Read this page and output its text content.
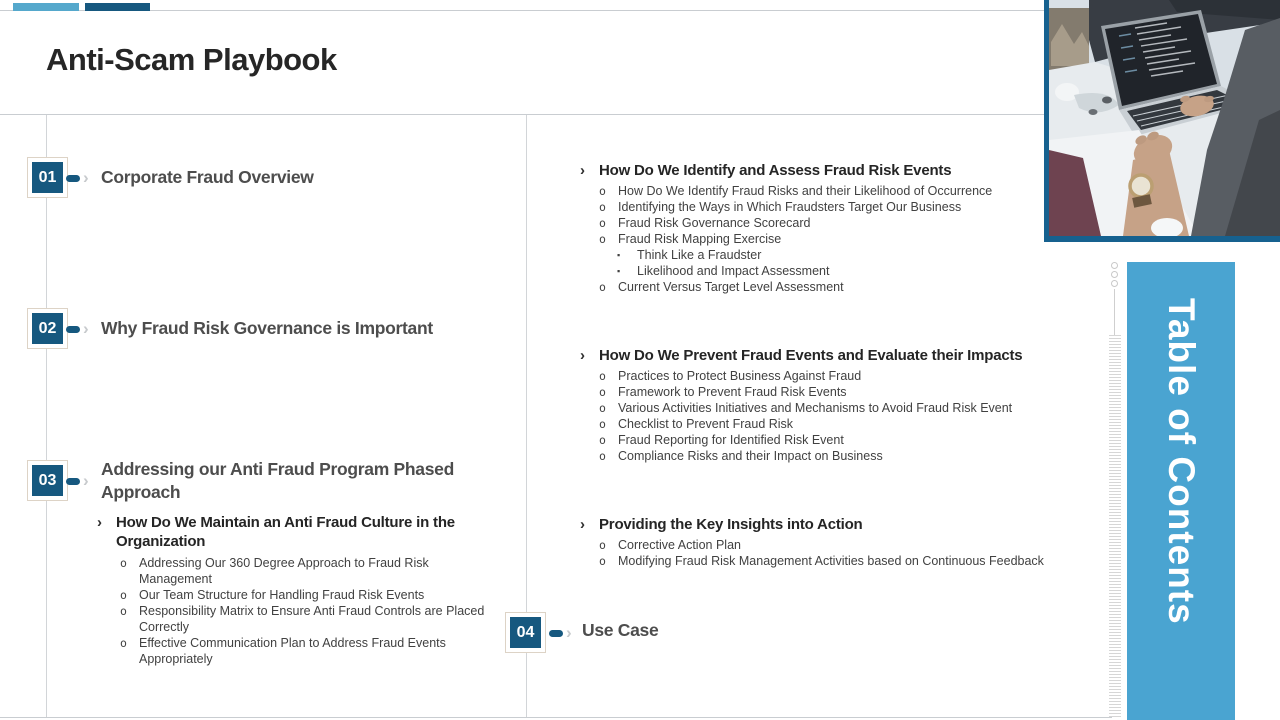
Anti-Scam Playbook
01	› Corporate Fraud Overview
02	› Why Fraud Risk Governance is Important
03	›
Addressing our Anti Fraud Program Phased Approach
› How Do We Maintain an Anti Fraud Culture in the Organization
o Addressing Our 360 Degree Approach to Fraud Risk Management
o Our Team Structure for Handling Fraud Risk Events
o Responsibility Matrix to Ensure Anti Fraud Controls are Placed Correctly
o Effective Communication Plan to Address Fraud Events Appropriately
› How Do We Identify and Assess Fraud Risk Events
o How Do We Identify Fraud Risks and their Likelihood of Occurrence
o Identifying the Ways in Which Fraudsters Target Our Business
o Fraud Risk Governance Scorecard
o Fraud Risk Mapping Exercise
▪	Think Like a Fraudster
▪	Likelihood and Impact Assessment
o Current Versus Target Level Assessment
› How Do We Prevent Fraud Events and Evaluate their Impacts
o Practices to Protect Business Against Fraud
o Framework to Prevent Fraud Risk Events
o Various Activities Initiatives and Mechanisms to Avoid Fraud Risk Event
o Checklist to Prevent Fraud Risk
o Fraud Reporting for Identified Risk Event
o Compliance Risks and their Impact on Business
› Providing the Key Insights into Action
o Corrective Action Plan
o Modifying Fraud Risk Management Activities based on Continuous Feedback
04	› Use Case
Table of Contents
